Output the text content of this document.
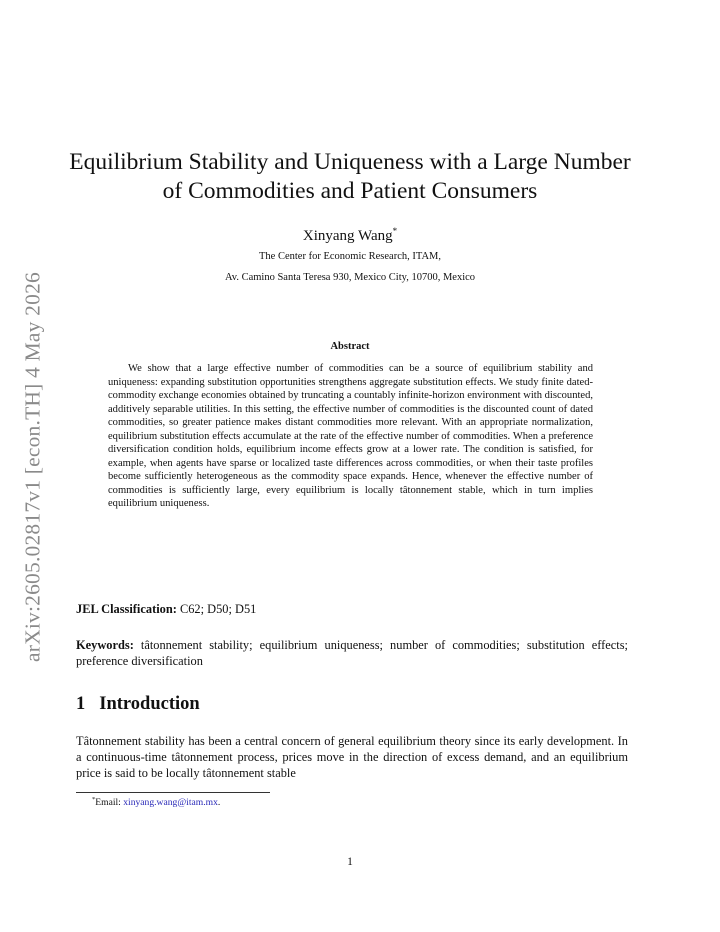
arXiv:2605.02817v1 [econ.TH] 4 May 2026
Equilibrium Stability and Uniqueness with a Large Number of Commodities and Patient Consumers
Xinyang Wang*
The Center for Economic Research, ITAM,
Av. Camino Santa Teresa 930, Mexico City, 10700, Mexico
Abstract
We show that a large effective number of commodities can be a source of equilibrium stability and uniqueness: expanding substitution opportunities strengthens aggregate substitution effects. We study finite dated-commodity exchange economies obtained by truncating a countably infinite-horizon environment with discounted, additively separable utilities. In this setting, the effective number of commodities is the discounted count of dated commodities, so greater patience makes distant commodities more relevant. With an appropriate normalization, equilibrium substitution effects accumulate at the rate of the effective number of commodities. When a preference diversification condition holds, equilibrium income effects grow at a lower rate. The condition is satisfied, for example, when agents have sparse or localized taste differences across commodities, or when their taste profiles become sufficiently heterogeneous as the commodity space expands. Hence, whenever the effective number of commodities is sufficiently large, every equilibrium is locally tâtonnement stable, which in turn implies equilibrium uniqueness.
JEL Classification: C62; D50; D51
Keywords: tâtonnement stability; equilibrium uniqueness; number of commodities; substitution effects; preference diversification
1 Introduction
Tâtonnement stability has been a central concern of general equilibrium theory since its early development. In a continuous-time tâtonnement process, prices move in the direction of excess demand, and an equilibrium price is said to be locally tâtonnement stable
*Email: xinyang.wang@itam.mx.
1
